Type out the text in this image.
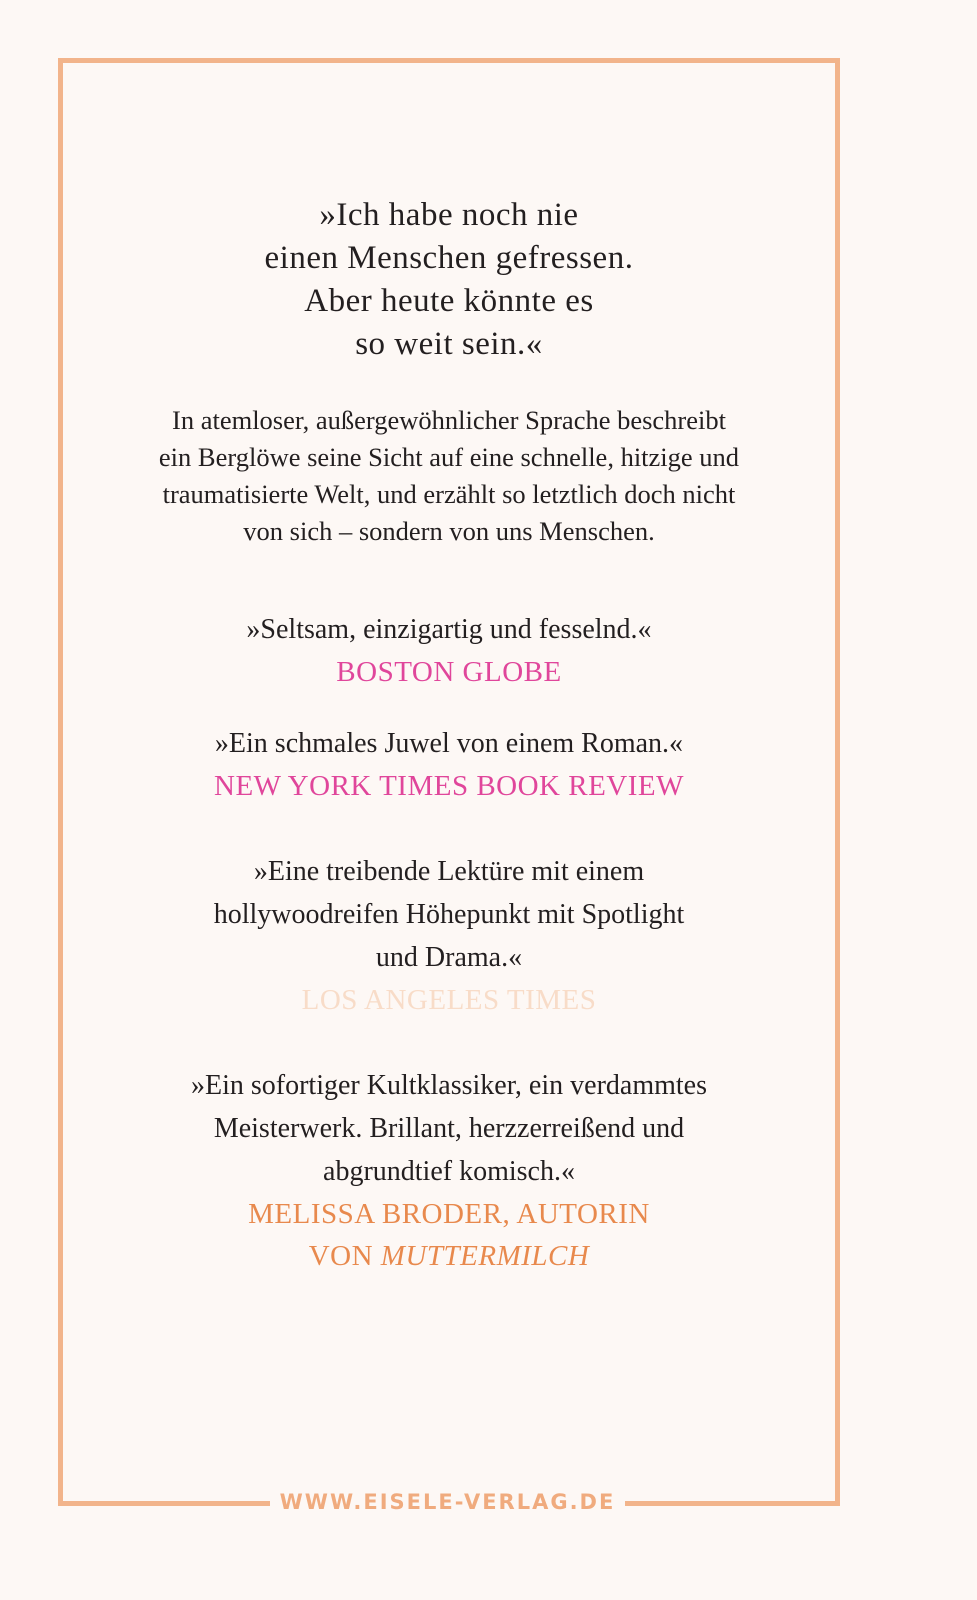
WWW.EISELE-VERLAG.DE
»Ich habe noch nie
einen Menschen gefressen.
Aber heute könnte es
so weit sein.«
In atemloser, außergewöhnlicher Sprache beschreibt
ein Berglöwe seine Sicht auf eine schnelle, hitzige und
traumatisierte Welt, und erzählt so letztlich doch nicht
von sich – sondern von uns Menschen.
»Seltsam, einzigartig und fesselnd.«
BOSTON GLOBE
»Ein schmales Juwel von einem Roman.«
NEW YORK TIMES BOOK REVIEW
»Eine treibende Lektüre mit einem
hollywoodreifen Höhepunkt mit Spotlight
und Drama.«
LOS ANGELES TIMES
»Ein sofortiger Kultklassiker, ein verdammtes
Meisterwerk. Brillant, herzzerreißend und
abgrundtief komisch.«
MELISSA BRODER, AUTORIN
VON MUTTERMILCH
